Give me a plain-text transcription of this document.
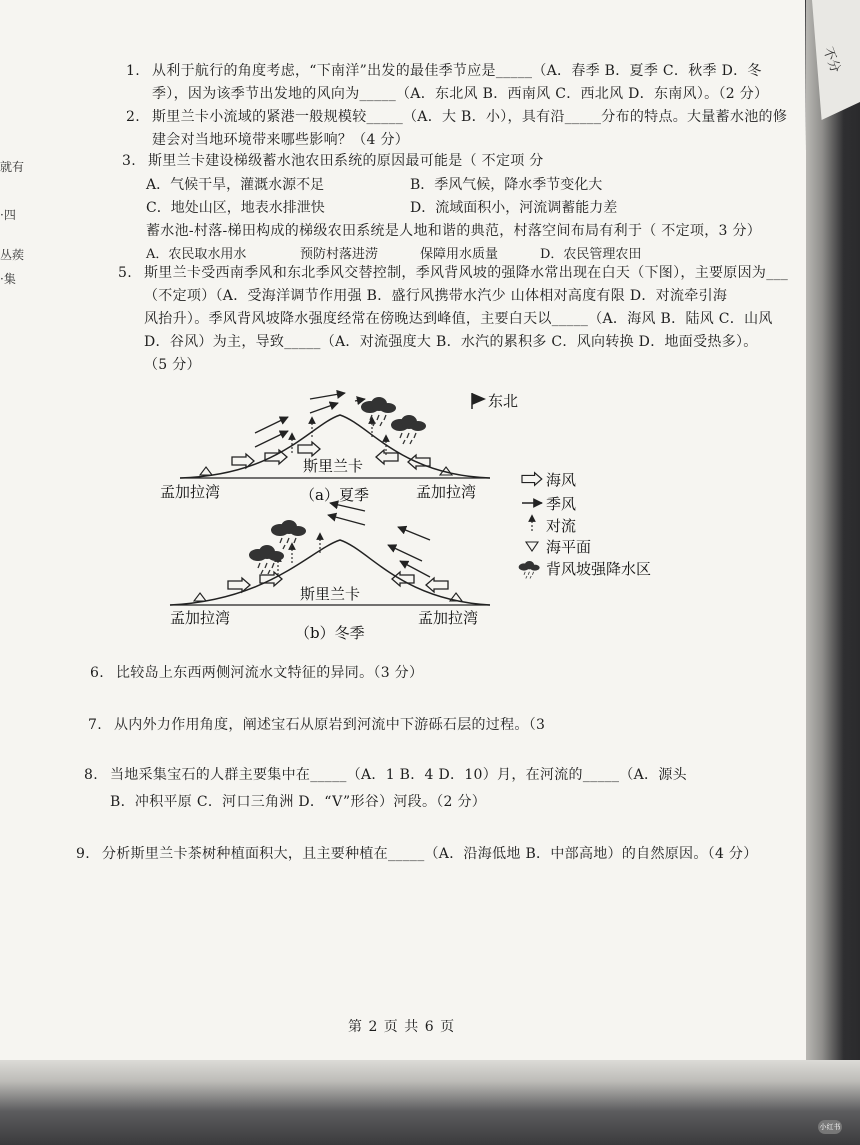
不分
就有
·四
丛蒺
·集
1. 从利于航行的角度考虑，“下南洋”出发的最佳季节应是_____（A．春季 B．夏季 C．秋季 D．冬

季），因为该季节出发地的风向为_____（A．东北风 B．西南风 C．西北风 D．东南风）。（2 分）

2. 斯里兰卡小流域的紧港一般规模较_____（A．大 B．小），具有沿_____分布的特点。大量蓄水池的修

建会对当地环境带来哪些影响？（4 分）

3. 斯里兰卡建设梯级蓄水池农田系统的原因最可能是（ 不定项 分

A．气候干旱，灌溉水源不足	B．季风气候，降水季节变化大
C．地处山区，地表水排泄快	D．流域面积小，河流调蓄能力差

蓄水池-村落-梯田构成的梯级农田系统是人地和谐的典范，村落空间布局有利于（ 不定项，3 分）

A．农民取水用水	预防村落进涝	保障用水质量	D．农民管理农田
5. 斯里兰卡受西南季风和东北季风交替控制，季风背风坡的强降水常出现在白天（下图），主要原因为___

（不定项）（A．受海洋调节作用强 B．盛行风携带水汽少 山体相对高度有限 D．对流牵引海

风抬升）。季风背风坡降水强度经常在傍晚达到峰值，主要白天以_____（A．海风 B．陆风 C．山风

D．谷风）为主，导致_____（A．对流强度大 B．水汽的累积多 C．风向转换 D．地面受热多）。

（5 分）

东北
斯里兰卡
孟加拉湾	孟加拉湾
（a）夏季
斯里兰卡
孟加拉湾	孟加拉湾
（b）冬季
海风
季风
对流
海平面
背风坡强降水区
6. 比较岛上东西两侧河流水文特征的异同。（3 分）

7. 从内外力作用角度，阐述宝石从原岩到河流中下游砾石层的过程。（3

8. 当地采集宝石的人群主要集中在_____（A．1 B．4 D．10）月，在河流的_____（A．源头

B．冲积平原 C．河口三角洲 D．“V”形谷）河段。（2 分）

9. 分析斯里兰卡茶树种植面积大，且主要种植在_____（A．沿海低地 B．中部高地）的自然原因。（4 分）

第 2 页 共 6 页
小红书
